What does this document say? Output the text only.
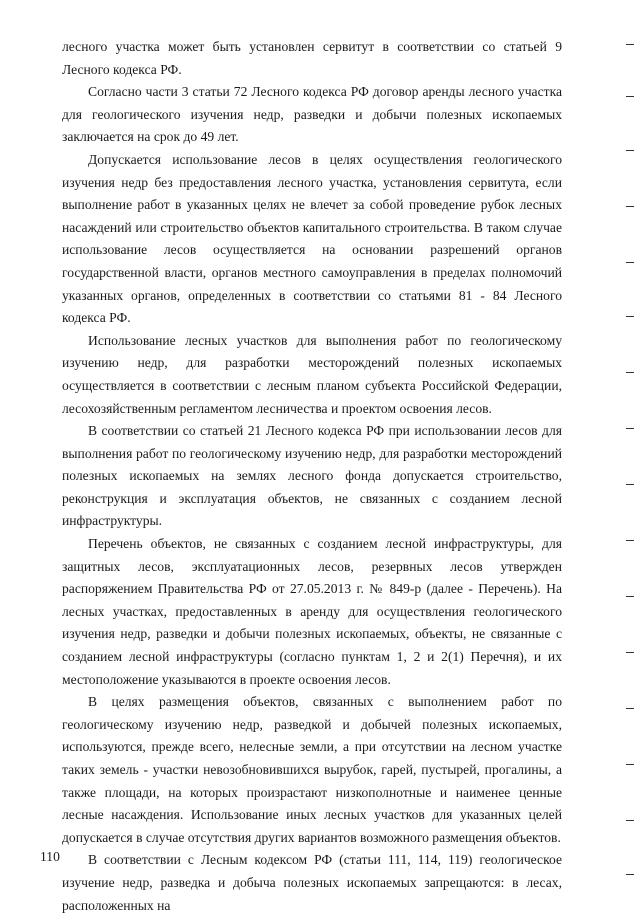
лесного участка может быть установлен сервитут в соответствии со статьей 9 Лесного кодекса РФ.

Согласно части 3 статьи 72 Лесного кодекса РФ договор аренды лесного участка для геологического изучения недр, разведки и добычи полезных ископаемых заключается на срок до 49 лет.

Допускается использование лесов в целях осуществления геологического изучения недр без предоставления лесного участка, установления сервитута, если выполнение работ в указанных целях не влечет за собой проведение рубок лесных насаждений или строительство объектов капитального строительства. В таком случае использование лесов осуществляется на основании разрешений органов государственной власти, органов местного самоуправления в пределах полномочий указанных органов, определенных в соответствии со статьями 81 - 84 Лесного кодекса РФ.

Использование лесных участков для выполнения работ по геологическому изучению недр, для разработки месторождений полезных ископаемых осуществляется в соответствии с лесным планом субъекта Российской Федерации, лесохозяйственным регламентом лесничества и проектом освоения лесов.

В соответствии со статьей 21 Лесного кодекса РФ при использовании лесов для выполнения работ по геологическому изучению недр, для разработки месторождений полезных ископаемых на землях лесного фонда допускается строительство, реконструкция и эксплуатация объектов, не связанных с созданием лесной инфраструктуры.

Перечень объектов, не связанных с созданием лесной инфраструктуры, для защитных лесов, эксплуатационных лесов, резервных лесов утвержден распоряжением Правительства РФ от 27.05.2013 г. № 849-р (далее - Перечень). На лесных участках, предоставленных в аренду для осуществления геологического изучения недр, разведки и добычи полезных ископаемых, объекты, не связанные с созданием лесной инфраструктуры (согласно пунктам 1, 2 и 2(1) Перечня), и их местоположение указываются в проекте освоения лесов.

В целях размещения объектов, связанных с выполнением работ по геологическому изучению недр, разведкой и добычей полезных ископаемых, используются, прежде всего, нелесные земли, а при отсутствии на лесном участке таких земель - участки невозобновившихся вырубок, гарей, пустырей, прогалины, а также площади, на которых произрастают низкополнотные и наименее ценные лесные насаждения. Использование иных лесных участков для указанных целей допускается в случае отсутствия других вариантов возможного размещения объектов.

В соответствии с Лесным кодексом РФ (статьи 111, 114, 119) геологическое изучение недр, разведка и добыча полезных ископаемых запрещаются: в лесах, расположенных на

110
